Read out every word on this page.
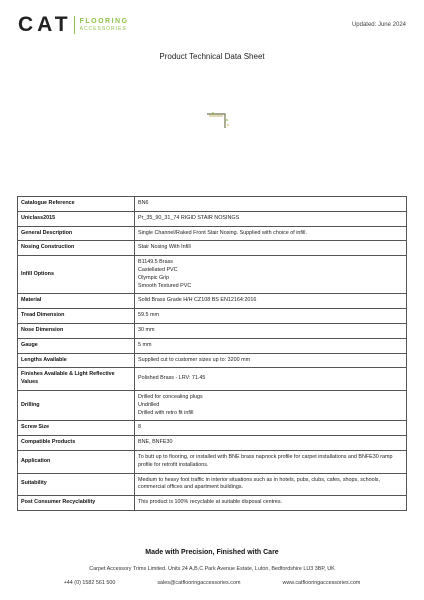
CAT FLOORING
ACCESSORIES
Updated: June 2024
Product Technical Data Sheet
Catalogue Reference	BN6

Uniclass2015	Pr_35_90_31_74 RIGID STAIR NOSINGS

General Description	Single Channel/Raked Front Stair Nosing. Supplied with choice of infill.

Nosing Construction	Stair Nosing With Infill

Infill Options	B1149.5 Brass
Castellated PVC
Olympic Grip
Smooth Textured PVC

Material	Solid Brass Grade H/H CZ108 BS EN12164:2016

Tread Dimension	59.5 mm

Nose Dimension	30 mm

Gauge	5 mm

Lengths Available	Supplied cut to customer sizes up to: 3200 mm

Finishes Available & Light Reflective Values	Polished Brass - LRV: 71.45

Drilling	Drilled for concealing plugs
Undrilled
Drilled with retro fit infill

Screw Size	8

Compatible Products	BNE, BNFE30

Application	To butt up to flooring, or installed with BNE brass napлock profile for carpet installations and BNFE30 ramp profile for retrofit installations.

Suitability	Medium to heavy foot traffic in interior situations such as in hotels, pubs, clubs, cafes, shops, schools, commercial offices and apartment buildings.

Post Consumer Recyclability	This product is 100% recyclable at suitable disposal centres.
Made with Precision, Finished with Care
Carpet Accessory Trims Limited. Units 24 A,B,C Park Avenue Estate, Luton, Bedfordshire LU3 3BP, UK
+44 (0) 1582 561 500	sales@catflooringaccessories.com	www.catflooringaccessories.com
